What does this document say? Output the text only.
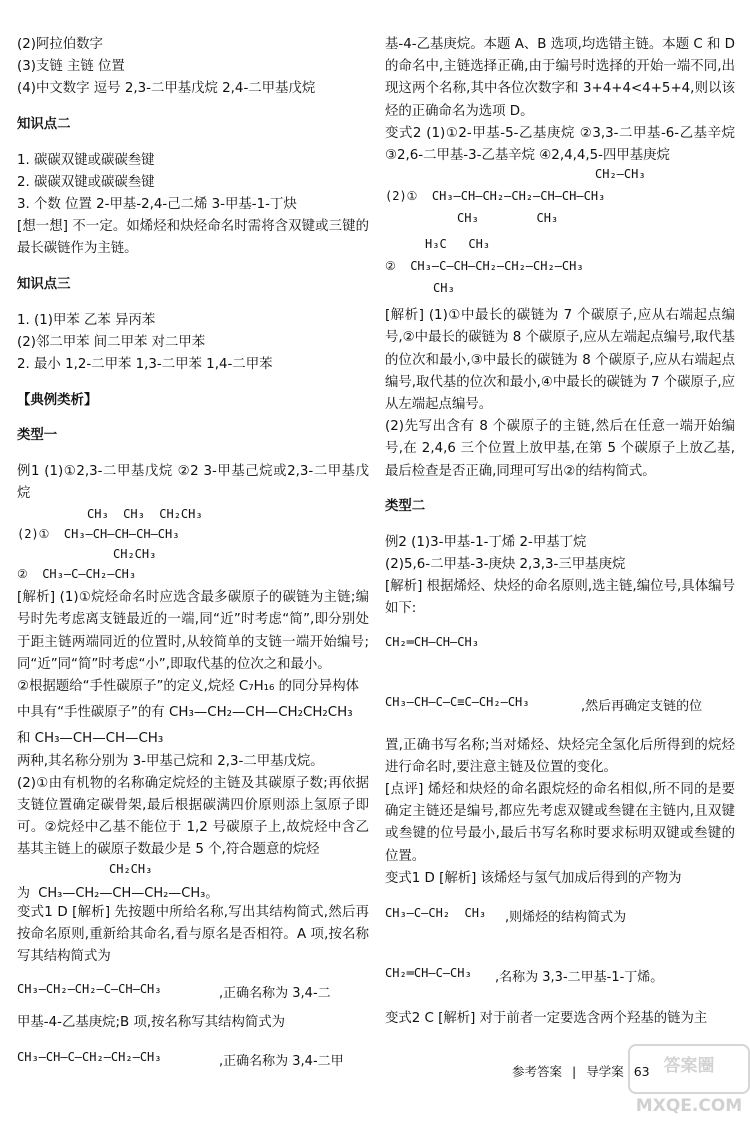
(2)阿拉伯数字

(3)支链 主链 位置

(4)中文数字 逗号 2,3-二甲基戊烷 2,4-二甲基戊烷

知识点二

1. 碳碳双键或碳碳叁键

2. 碳碳双键或碳碳叁键

3. 个数 位置 2-甲基-2,4-己二烯 3-甲基-1-丁炔

[想一想] 不一定。如烯烃和炔烃命名时需将含双键或三键的最长碳链作为主链。

知识点三

1. (1)甲苯 乙苯 异丙苯

(2)邻二甲苯 间二甲苯 对二甲苯

2. 最小 1,2-二甲苯 1,3-二甲苯 1,4-二甲苯

【典例类析】

类型一

例1 (1)①2,3-二甲基戊烷 ②2 3-甲基己烷或2,3-二甲基戊烷

CH₃  CH₃  CH₂CH₃
(2)①  CH₃—CH—CH—CH—CH₃
CH₂CH₃
②  CH₃—C—CH₂—CH₃

[解析] (1)①烷烃命名时应选含最多碳原子的碳链为主链;编号时先考虑离支链最近的一端,同“近”时考虑“简”,即分别处于距主链两端同近的位置时,从较简单的支链一端开始编号;同“近”同“简”时考虑“小”,即取代基的位次之和最小。

②根据题给“手性碳原子”的定义,烷烃 C₇H₁₆ 的同分异构体

中具有“手性碳原子”的有 CH₃—CH₂—CH—CH₂CH₂CH₃

和 CH₃—CH—CH—CH₃

两种,其名称分别为 3-甲基己烷和 2,3-二甲基戊烷。

(2)①由有机物的名称确定烷烃的主链及其碳原子数;再依据支链位置确定碳骨架,最后根据碳满四价原则添上氢原子即可。②烷烃中乙基不能位于 1,2 号碳原子上,故烷烃中含乙基其主链上的碳原子数最少是 5 个,符合题意的烷烃

CH₂CH₃
为  CH₃—CH₂—CH—CH₂—CH₃。

变式1 D [解析] 先按题中所给名称,写出其结构简式,然后再按命名原则,重新给其命名,看与原名是否相符。A 项,按名称写其结构简式为

CH₃—CH₂—CH₂—C—CH—CH₃	,正确名称为 3,4-二

甲基-4-乙基庚烷;B 项,按名称写其结构简式为

CH₃—CH—C—CH₂—CH₂—CH₃	,正确名称为 3,4-二甲

基-4-乙基庚烷。本题 A、B 选项,均选错主链。本题 C 和 D 的命名中,主链选择正确,由于编号时选择的开始一端不同,出现这两个名称,其中各位次数字和 3+4+4<4+5+4,则以该烃的正确命名为选项 D。

变式2 (1)①2-甲基-5-乙基庚烷 ②3,3-二甲基-6-乙基辛烷 ③2,6-二甲基-3-乙基辛烷 ④2,4,4,5-四甲基庚烷

CH₂—CH₃
(2)①  CH₃—CH—CH₂—CH₂—CH—CH—CH₃
CH₃        CH₃
H₃C   CH₃
②  CH₃—C—CH—CH₂—CH₂—CH₂—CH₃
CH₃

[解析] (1)①中最长的碳链为 7 个碳原子,应从右端起点编号,②中最长的碳链为 8 个碳原子,应从左端起点编号,取代基的位次和最小,③中最长的碳链为 8 个碳原子,应从右端起点编号,取代基的位次和最小,④中最长的碳链为 7 个碳原子,应从左端起点编号。

(2)先写出含有 8 个碳原子的主链,然后在任意一端开始编号,在 2,4,6 三个位置上放甲基,在第 5 个碳原子上放乙基,最后检查是否正确,同理可写出②的结构简式。

类型二

例2 (1)3-甲基-1-丁烯 2-甲基丁烷

(2)5,6-二甲基-3-庚炔 2,3,3-三甲基庚烷

[解析] 根据烯烃、炔烃的命名原则,选主链,编位号,具体编号如下:

CH₂═CH—CH—CH₃
CH₃—CH—C—C≡C—CH₂—CH₃	,然后再确定支链的位

置,正确书写名称;当对烯烃、炔烃完全氢化后所得到的烷烃进行命名时,要注意主链及位置的变化。

[点评] 烯烃和炔烃的命名跟烷烃的命名相似,所不同的是要确定主链还是编号,都应先考虑双键或叁键在主链内,且双键或叁键的位号最小,最后书写名称时要求标明双键或叁键的位置。

变式1 D [解析] 该烯烃与氢气加成后得到的产物为

CH₃—C—CH₂  CH₃ ,则烯烃的结构简式为
CH₂═CH—C—CH₃ ,名称为 3,3-二甲基-1-丁烯。

变式2 C [解析] 对于前者一定要选含两个羟基的链为主

参考答案 | 导学案 63 答案圈 MXQE.COM
